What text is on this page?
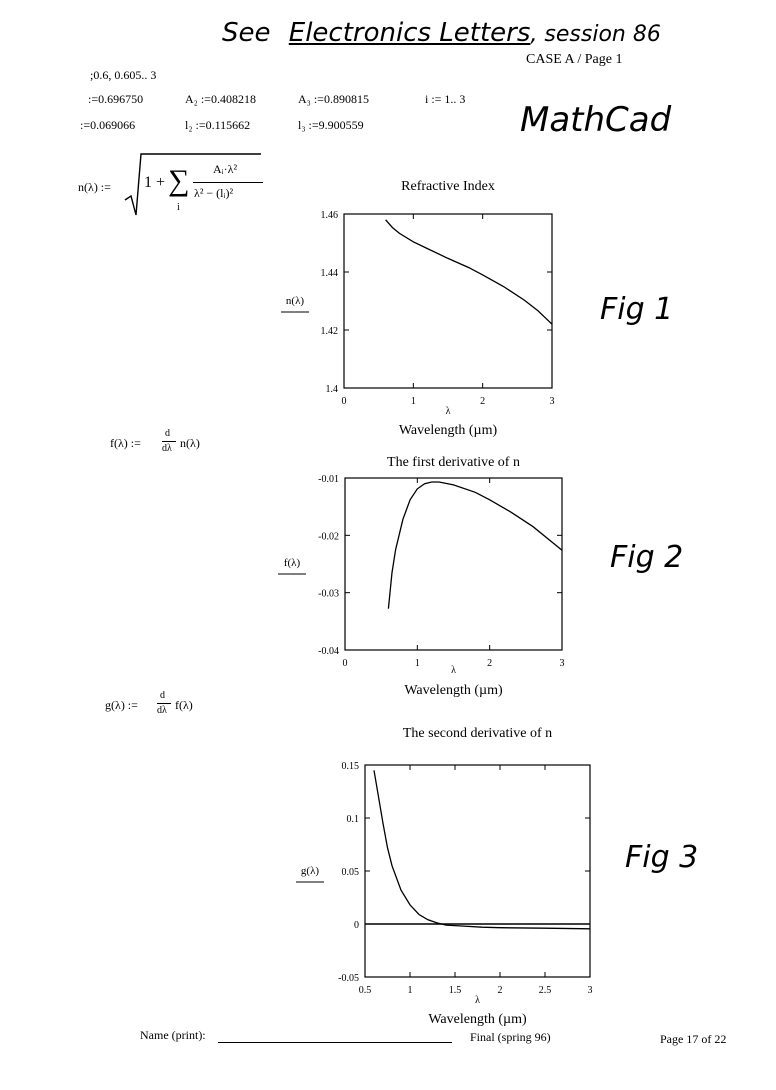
See Electronics Letters, session 86
CASE A / Page 1
MathCad
;0.6, 0.605.. 3
:=0.696750	A₂ :=0.408218	A₃ :=0.890815	i := 1.. 3
:=0.069066	l₂ :=0.115662	l₃ :=9.900559
n(λ) := 1 + ∑
i
Aᵢ·λ²
λ² − (lᵢ)²
f(λ) :=
d
dλ n(λ)
g(λ) :=
d
dλ f(λ)
Fig 1
Fig 2
Fig 3
Refractive Index
n(λ)
λ
Wavelength (µm)
0	1	2	3
1.46
1.44
1.42
1.4
The first derivative of n
f(λ)
λ
Wavelength (µm)
0	1	2	3
-0.01
-0.02
-0.03
-0.04
The second derivative of n
g(λ)
λ
Wavelength (µm)
0.5	1	1.5	2	2.5	3
0.15
0.1
0.05
0
-0.05
Name (print):	Final (spring 96)	Page 17 of 22
